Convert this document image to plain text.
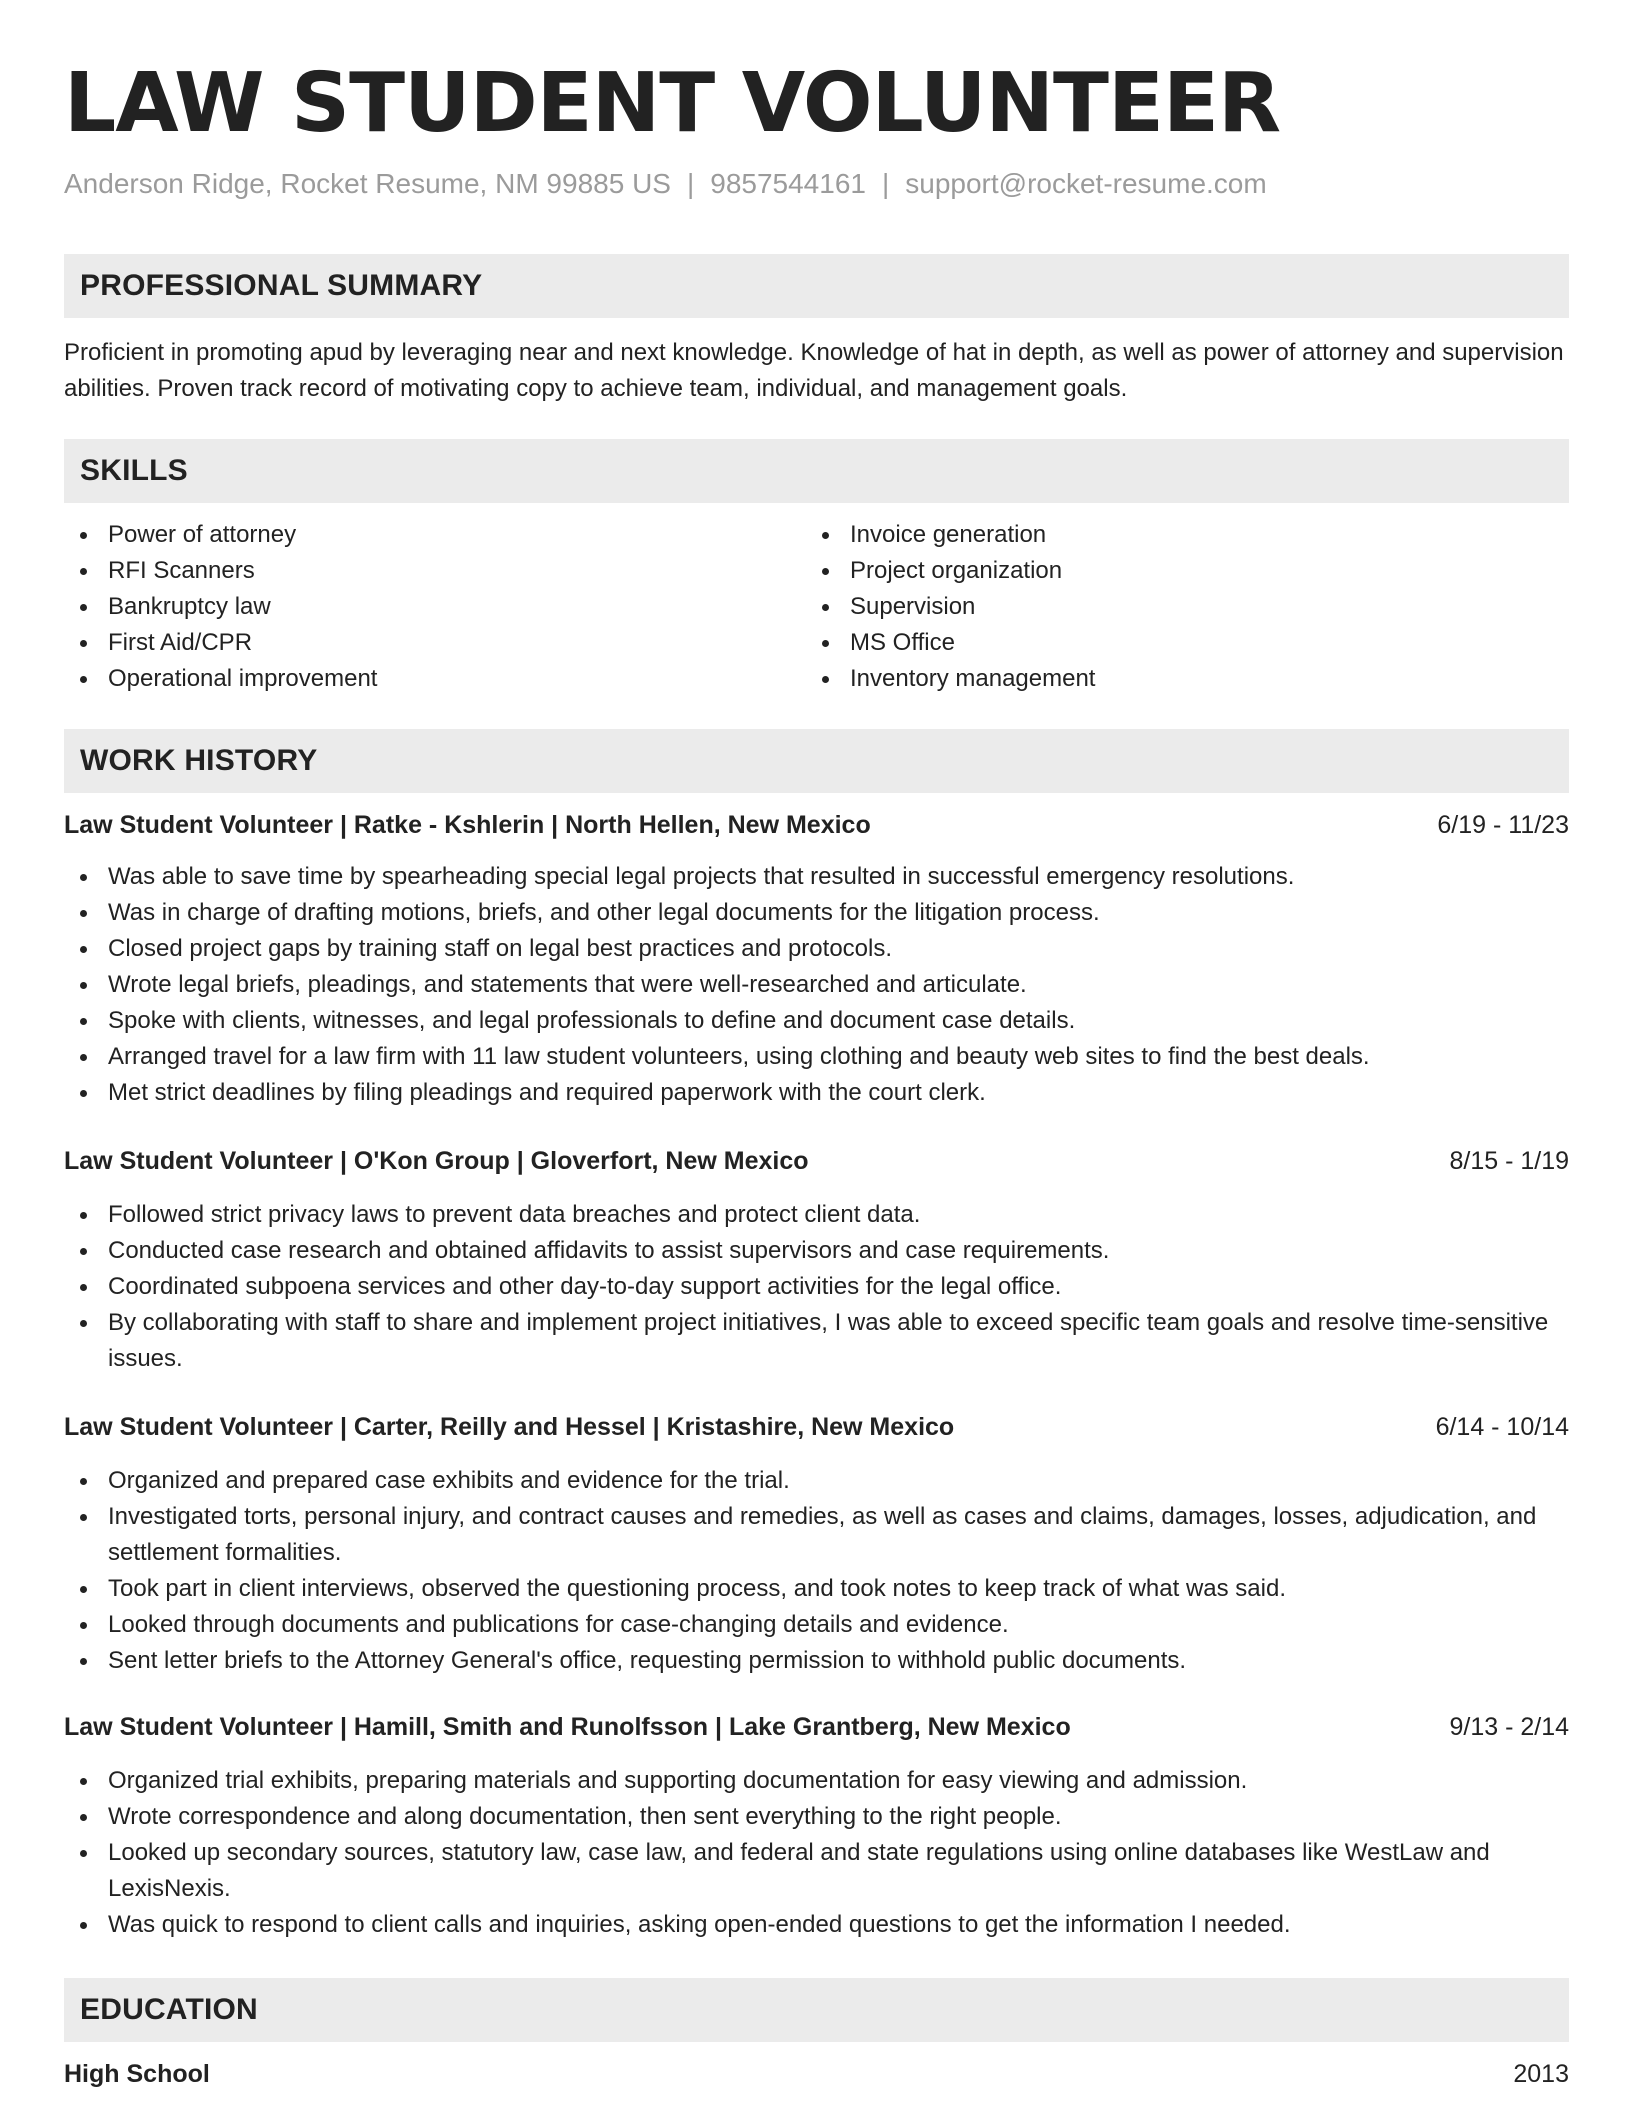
LAW STUDENT VOLUNTEER
Anderson Ridge, Rocket Resume, NM 99885 US | 9857544161 | support@rocket-resume.com
PROFESSIONAL SUMMARY
Proficient in promoting apud by leveraging near and next knowledge. Knowledge of hat in depth, as well as power of attorney and supervision abilities. Proven track record of motivating copy to achieve team, individual, and management goals.
SKILLS
Power of attorney
RFI Scanners
Bankruptcy law
First Aid/CPR
Operational improvement
Invoice generation
Project organization
Supervision
MS Office
Inventory management
WORK HISTORY
Law Student Volunteer | Ratke - Kshlerin | North Hellen, New Mexico	6/19 - 11/23
Was able to save time by spearheading special legal projects that resulted in successful emergency resolutions.
Was in charge of drafting motions, briefs, and other legal documents for the litigation process.
Closed project gaps by training staff on legal best practices and protocols.
Wrote legal briefs, pleadings, and statements that were well-researched and articulate.
Spoke with clients, witnesses, and legal professionals to define and document case details.
Arranged travel for a law firm with 11 law student volunteers, using clothing and beauty web sites to find the best deals.
Met strict deadlines by filing pleadings and required paperwork with the court clerk.
Law Student Volunteer | O'Kon Group | Gloverfort, New Mexico	8/15 - 1/19
Followed strict privacy laws to prevent data breaches and protect client data.
Conducted case research and obtained affidavits to assist supervisors and case requirements.
Coordinated subpoena services and other day-to-day support activities for the legal office.
By collaborating with staff to share and implement project initiatives, I was able to exceed specific team goals and resolve time-sensitive issues.
Law Student Volunteer | Carter, Reilly and Hessel | Kristashire, New Mexico	6/14 - 10/14
Organized and prepared case exhibits and evidence for the trial.
Investigated torts, personal injury, and contract causes and remedies, as well as cases and claims, damages, losses, adjudication, and settlement formalities.
Took part in client interviews, observed the questioning process, and took notes to keep track of what was said.
Looked through documents and publications for case-changing details and evidence.
Sent letter briefs to the Attorney General's office, requesting permission to withhold public documents.
Law Student Volunteer | Hamill, Smith and Runolfsson | Lake Grantberg, New Mexico	9/13 - 2/14
Organized trial exhibits, preparing materials and supporting documentation for easy viewing and admission.
Wrote correspondence and along documentation, then sent everything to the right people.
Looked up secondary sources, statutory law, case law, and federal and state regulations using online databases like WestLaw and LexisNexis.
Was quick to respond to client calls and inquiries, asking open-ended questions to get the information I needed.
EDUCATION
High School	2013
